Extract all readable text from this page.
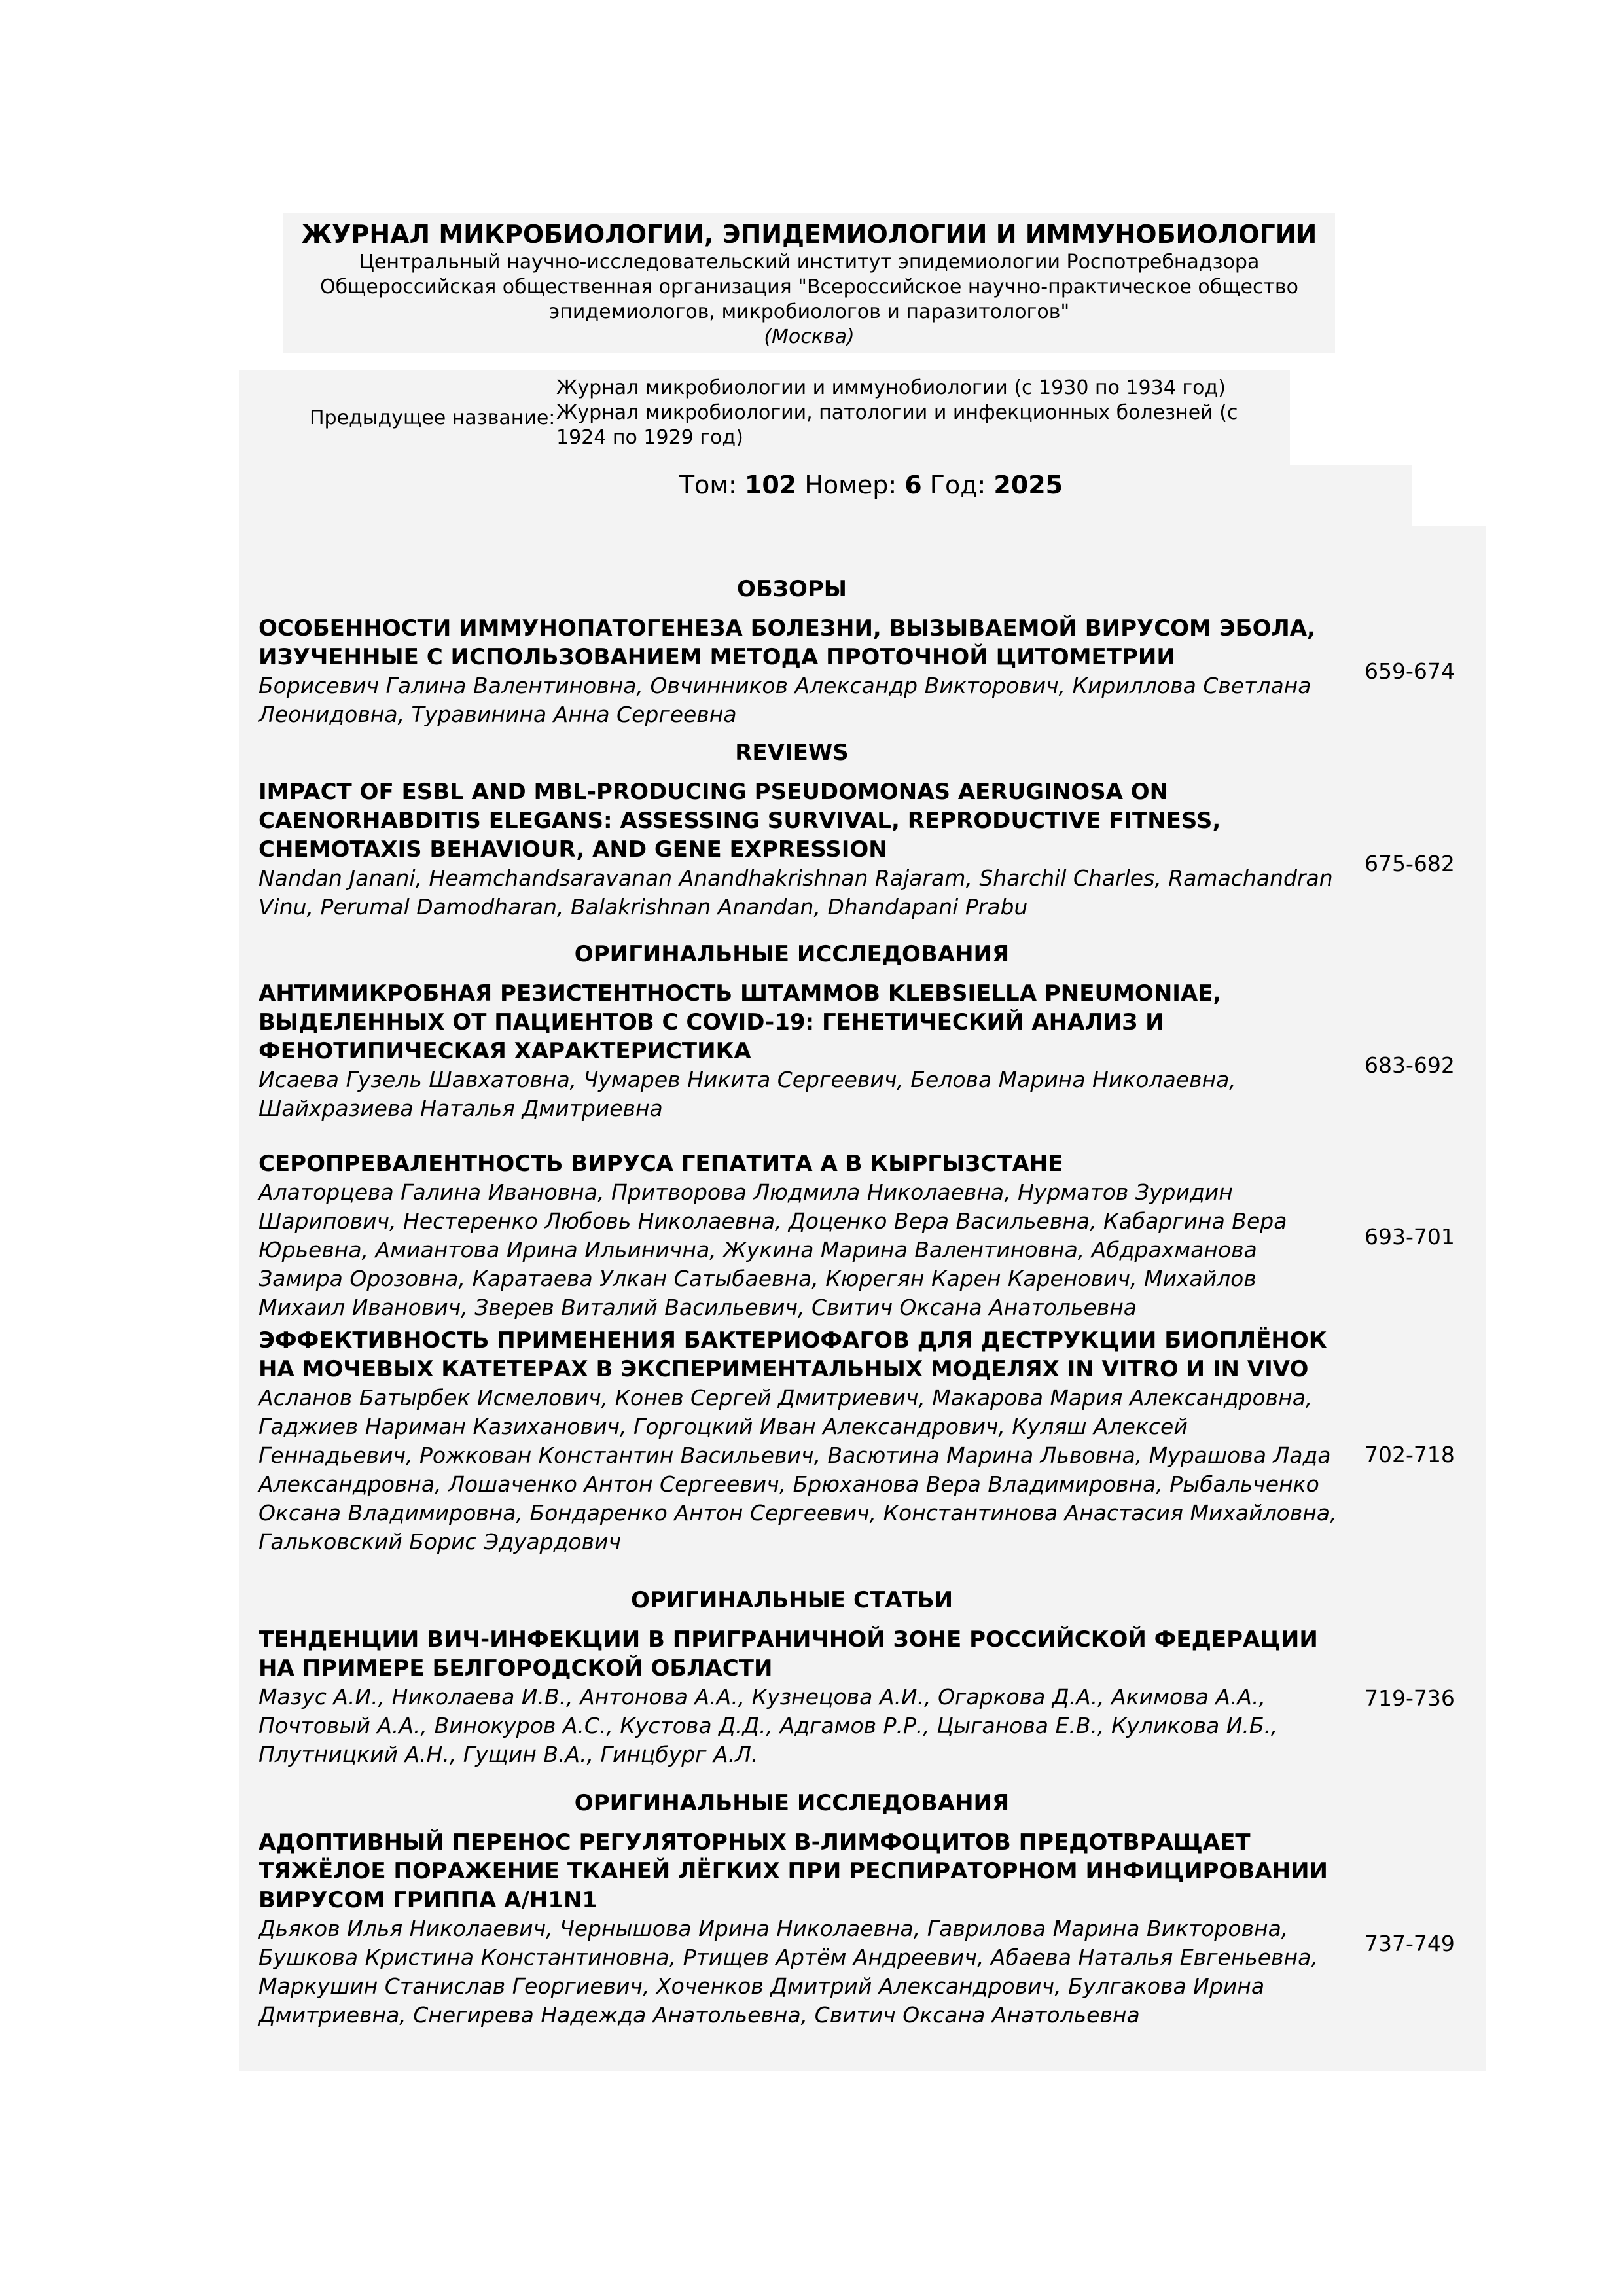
ЖУРНАЛ МИКРОБИОЛОГИИ, ЭПИДЕМИОЛОГИИ И ИММУНОБИОЛОГИИ
Центральный научно-исследовательский институт эпидемиологии Роспотребнадзора
Общероссийская общественная организация "Всероссийское научно-практическое общество
эпидемиологов, микробиологов и паразитологов"
(Москва)
Предыдущее название:
Журнал микробиологии и иммунобиологии (с 1930 по 1934 год)
Журнал микробиологии, патологии и инфекционных болезней (с 1924 по 1929 год)
Том: 102 Номер: 6 Год: 2025
ОБЗОРЫ
ОСОБЕННОСТИ ИММУНОПАТОГЕНЕЗА БОЛЕЗНИ, ВЫЗЫВАЕМОЙ ВИРУСОМ ЭБОЛА, ИЗУЧЕННЫЕ С ИСПОЛЬЗОВАНИЕМ МЕТОДА ПРОТОЧНОЙ ЦИТОМЕТРИИ
Борисевич Галина Валентиновна, Овчинников Александр Викторович, Кириллова Светлана Леонидовна, Туравинина Анна Сергеевна
659-674
REVIEWS
IMPACT OF ESBL AND MBL-PRODUCING PSEUDOMONAS AERUGINOSA ON CAENORHABDITIS ELEGANS: ASSESSING SURVIVAL, REPRODUCTIVE FITNESS, CHEMOTAXIS BEHAVIOUR, AND GENE EXPRESSION
Nandan Janani, Heamchandsaravanan Anandhakrishnan Rajaram, Sharchil Charles, Ramachandran Vinu, Perumal Damodharan, Balakrishnan Anandan, Dhandapani Prabu
675-682
ОРИГИНАЛЬНЫЕ ИССЛЕДОВАНИЯ
АНТИМИКРОБНАЯ РЕЗИСТЕНТНОСТЬ ШТАММОВ KLEBSIELLA PNEUMONIAE, ВЫДЕЛЕННЫХ ОТ ПАЦИЕНТОВ С COVID-19: ГЕНЕТИЧЕСКИЙ АНАЛИЗ И ФЕНОТИПИЧЕСКАЯ ХАРАКТЕРИСТИКА
Исаева Гузель Шавхатовна, Чумарев Никита Сергеевич, Белова Марина Николаевна, Шайхразиева Наталья Дмитриевна
683-692
СЕРОПРЕВАЛЕНТНОСТЬ ВИРУСА ГЕПАТИТА А В КЫРГЫЗСТАНЕ
Алаторцева Галина Ивановна, Притворова Людмила Николаевна, Нурматов Зуридин Шарипович, Нестеренко Любовь Николаевна, Доценко Вера Васильевна, Кабаргина Вера Юрьевна, Амиантова Ирина Ильинична, Жукина Марина Валентиновна, Абдрахманова Замира Орозовна, Каратаева Улкан Сатыбаевна, Кюрегян Карен Каренович, Михайлов Михаил Иванович, Зверев Виталий Васильевич, Свитич Оксана Анатольевна
693-701
ЭФФЕКТИВНОСТЬ ПРИМЕНЕНИЯ БАКТЕРИОФАГОВ ДЛЯ ДЕСТРУКЦИИ БИОПЛЁНОК НА МОЧЕВЫХ КАТЕТЕРАХ В ЭКСПЕРИМЕНТАЛЬНЫХ МОДЕЛЯХ IN VITRO И IN VIVO
Асланов Батырбек Исмелович, Конев Сергей Дмитриевич, Макарова Мария Александровна, Гаджиев Нариман Казиханович, Горгоцкий Иван Александрович, Куляш Алексей Геннадьевич, Рожкован Константин Васильевич, Васютина Марина Львовна, Мурашова Лада Александровна, Лошаченко Антон Сергеевич, Брюханова Вера Владимировна, Рыбальченко Оксана Владимировна, Бондаренко Антон Сергеевич, Константинова Анастасия Михайловна, Гальковский Борис Эдуардович
702-718
ОРИГИНАЛЬНЫЕ СТАТЬИ
ТЕНДЕНЦИИ ВИЧ-ИНФЕКЦИИ В ПРИГРАНИЧНОЙ ЗОНЕ РОССИЙСКОЙ ФЕДЕРАЦИИ НА ПРИМЕРЕ БЕЛГОРОДСКОЙ ОБЛАСТИ
Мазус А.И., Николаева И.В., Антонова А.А., Кузнецова А.И., Огаркова Д.А., Акимова А.А., Почтовый А.А., Винокуров А.С., Кустова Д.Д., Адгамов Р.Р., Цыганова Е.В., Куликова И.Б., Плутницкий А.Н., Гущин В.А., Гинцбург А.Л.
719-736
ОРИГИНАЛЬНЫЕ ИССЛЕДОВАНИЯ
АДОПТИВНЫЙ ПЕРЕНОС РЕГУЛЯТОРНЫХ B-ЛИМФОЦИТОВ ПРЕДОТВРАЩАЕТ ТЯЖЁЛОЕ ПОРАЖЕНИЕ ТКАНЕЙ ЛЁГКИХ ПРИ РЕСПИРАТОРНОМ ИНФИЦИРОВАНИИ ВИРУСОМ ГРИППА A/H1N1
Дьяков Илья Николаевич, Чернышова Ирина Николаевна, Гаврилова Марина Викторовна, Бушкова Кристина Константиновна, Ртищев Артём Андреевич, Абаева Наталья Евгеньевна, Маркушин Станислав Георгиевич, Хоченков Дмитрий Александрович, Булгакова Ирина Дмитриевна, Снегирева Надежда Анатольевна, Свитич Оксана Анатольевна
737-749
